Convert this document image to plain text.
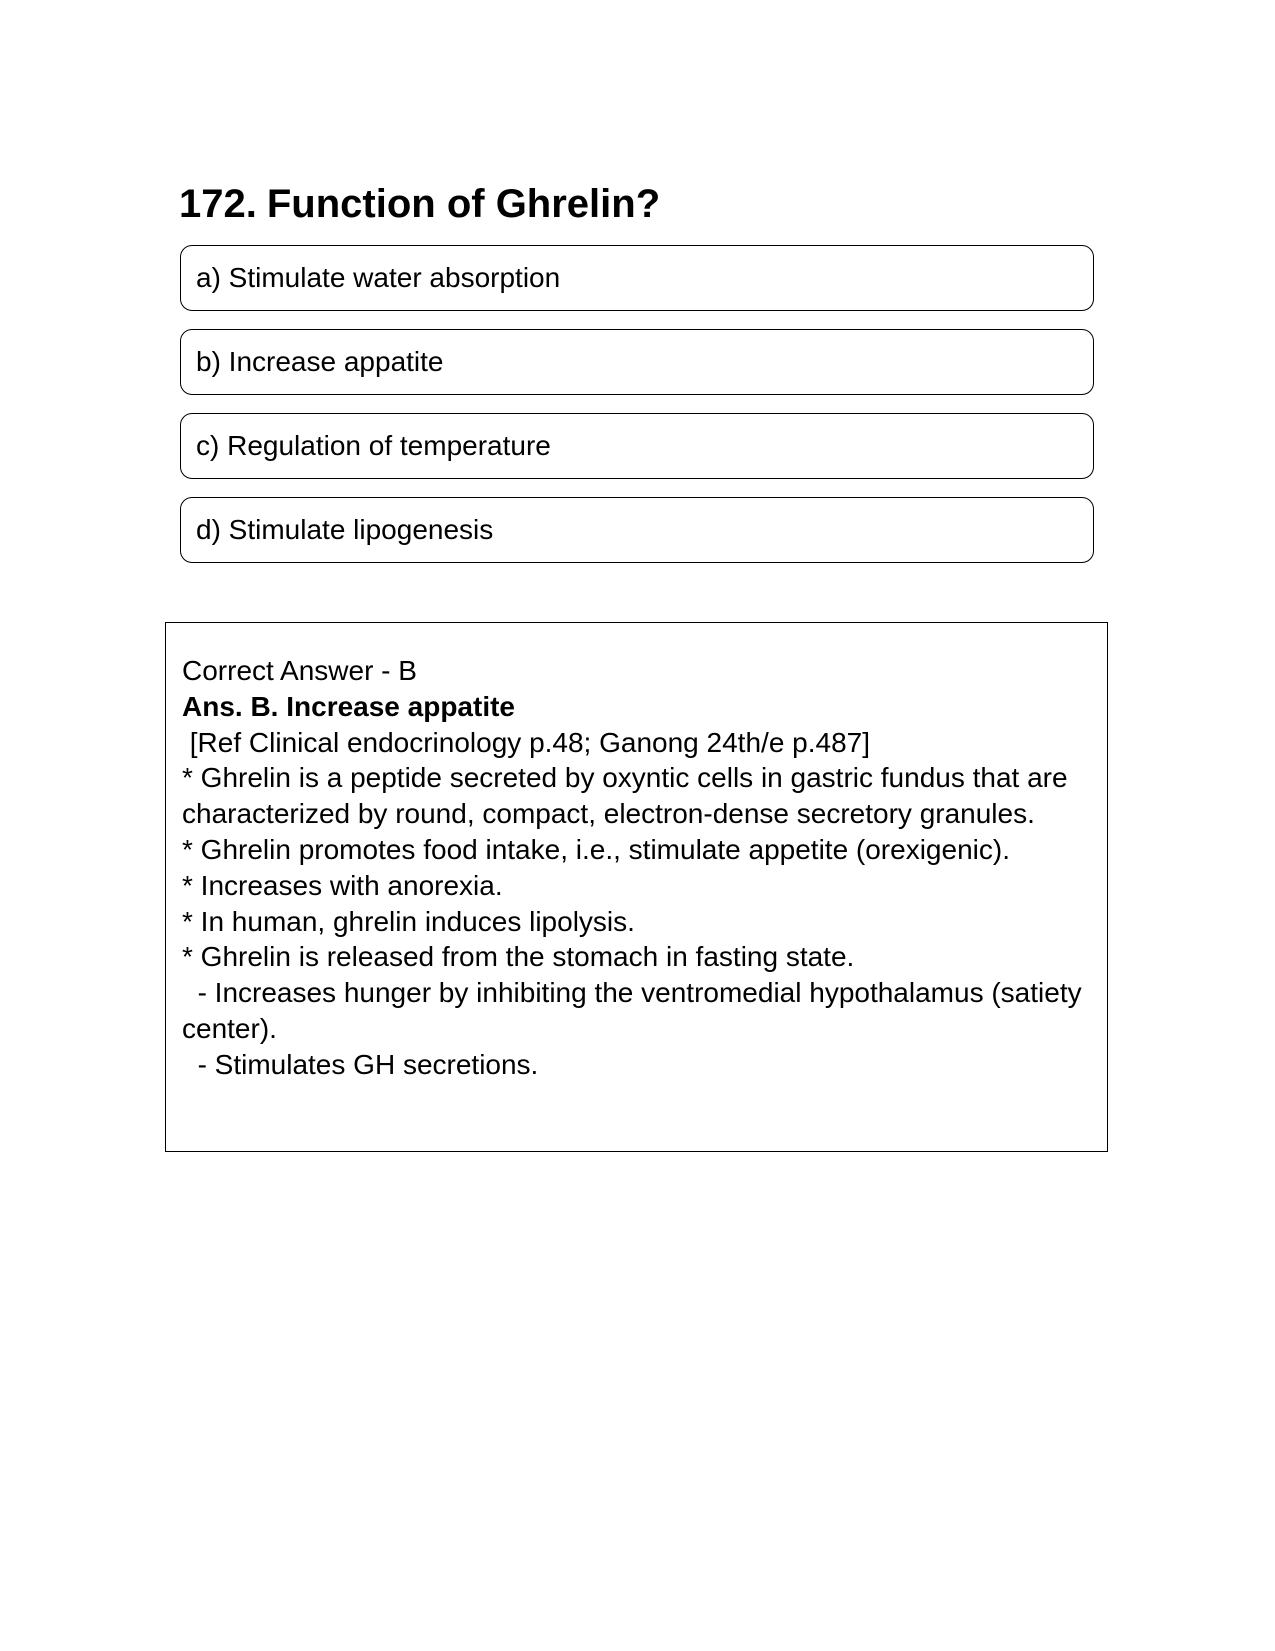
172. Function of Ghrelin?
a) Stimulate water absorption
b) Increase appatite
c) Regulation of temperature
d) Stimulate lipogenesis
Correct Answer - B
Ans. B. Increase appatite
[Ref Clinical endocrinology p.48; Ganong 24th/e p.487]
* Ghrelin is a peptide secreted by oxyntic cells in gastric fundus that are characterized by round, compact, electron-dense secretory granules.
* Ghrelin promotes food intake, i.e., stimulate appetite (orexigenic).
* Increases with anorexia.
* In human, ghrelin induces lipolysis.
* Ghrelin is released from the stomach in fasting state.
- Increases hunger by inhibiting the ventromedial hypothalamus (satiety center).
- Stimulates GH secretions.
